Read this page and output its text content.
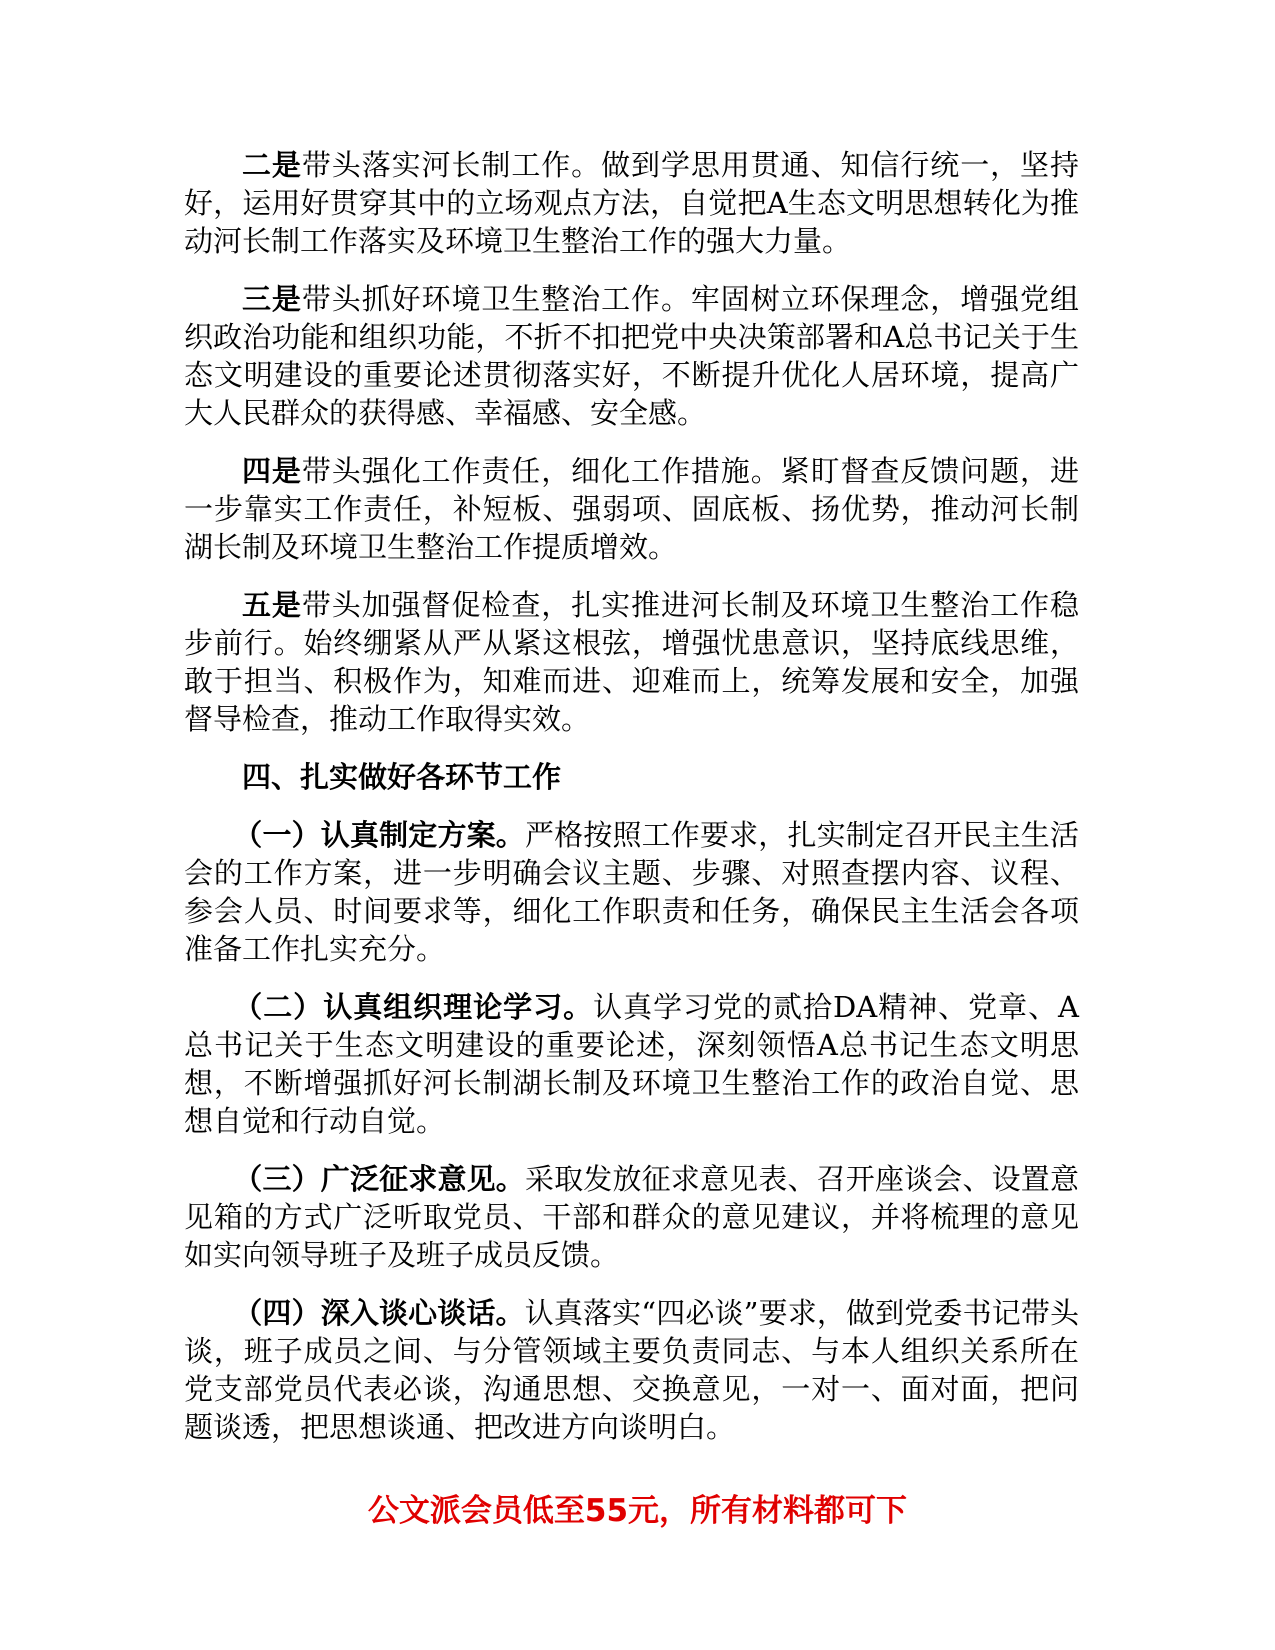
二是带头落实河长制工作。做到学思用贯通、知信行统一，坚持好，运用好贯穿其中的立场观点方法，自觉把A生态文明思想转化为推动河长制工作落实及环境卫生整治工作的强大力量。

三是带头抓好环境卫生整治工作。牢固树立环保理念，增强党组织政治功能和组织功能，不折不扣把党中央决策部署和A总书记关于生态文明建设的重要论述贯彻落实好，不断提升优化人居环境，提高广大人民群众的获得感、幸福感、安全感。

四是带头强化工作责任，细化工作措施。紧盯督查反馈问题，进一步靠实工作责任，补短板、强弱项、固底板、扬优势，推动河长制湖长制及环境卫生整治工作提质增效。

五是带头加强督促检查，扎实推进河长制及环境卫生整治工作稳步前行。始终绷紧从严从紧这根弦，增强忧患意识，坚持底线思维，敢于担当、积极作为，知难而进、迎难而上，统筹发展和安全，加强督导检查，推动工作取得实效。

四、扎实做好各环节工作

（一）认真制定方案。严格按照工作要求，扎实制定召开民主生活会的工作方案，进一步明确会议主题、步骤、对照查摆内容、议程、参会人员、时间要求等，细化工作职责和任务，确保民主生活会各项准备工作扎实充分。

（二）认真组织理论学习。认真学习党的贰拾DA精神、党章、A总书记关于生态文明建设的重要论述，深刻领悟A总书记生态文明思想，不断增强抓好河长制湖长制及环境卫生整治工作的政治自觉、思想自觉和行动自觉。

（三）广泛征求意见。采取发放征求意见表、召开座谈会、设置意见箱的方式广泛听取党员、干部和群众的意见建议，并将梳理的意见如实向领导班子及班子成员反馈。

（四）深入谈心谈话。认真落实“四必谈”要求，做到党委书记带头谈，班子成员之间、与分管领域主要负责同志、与本人组织关系所在党支部党员代表必谈，沟通思想、交换意见，一对一、面对面，把问题谈透，把思想谈通、把改进方向谈明白。

公文派会员低至55元，所有材料都可下
